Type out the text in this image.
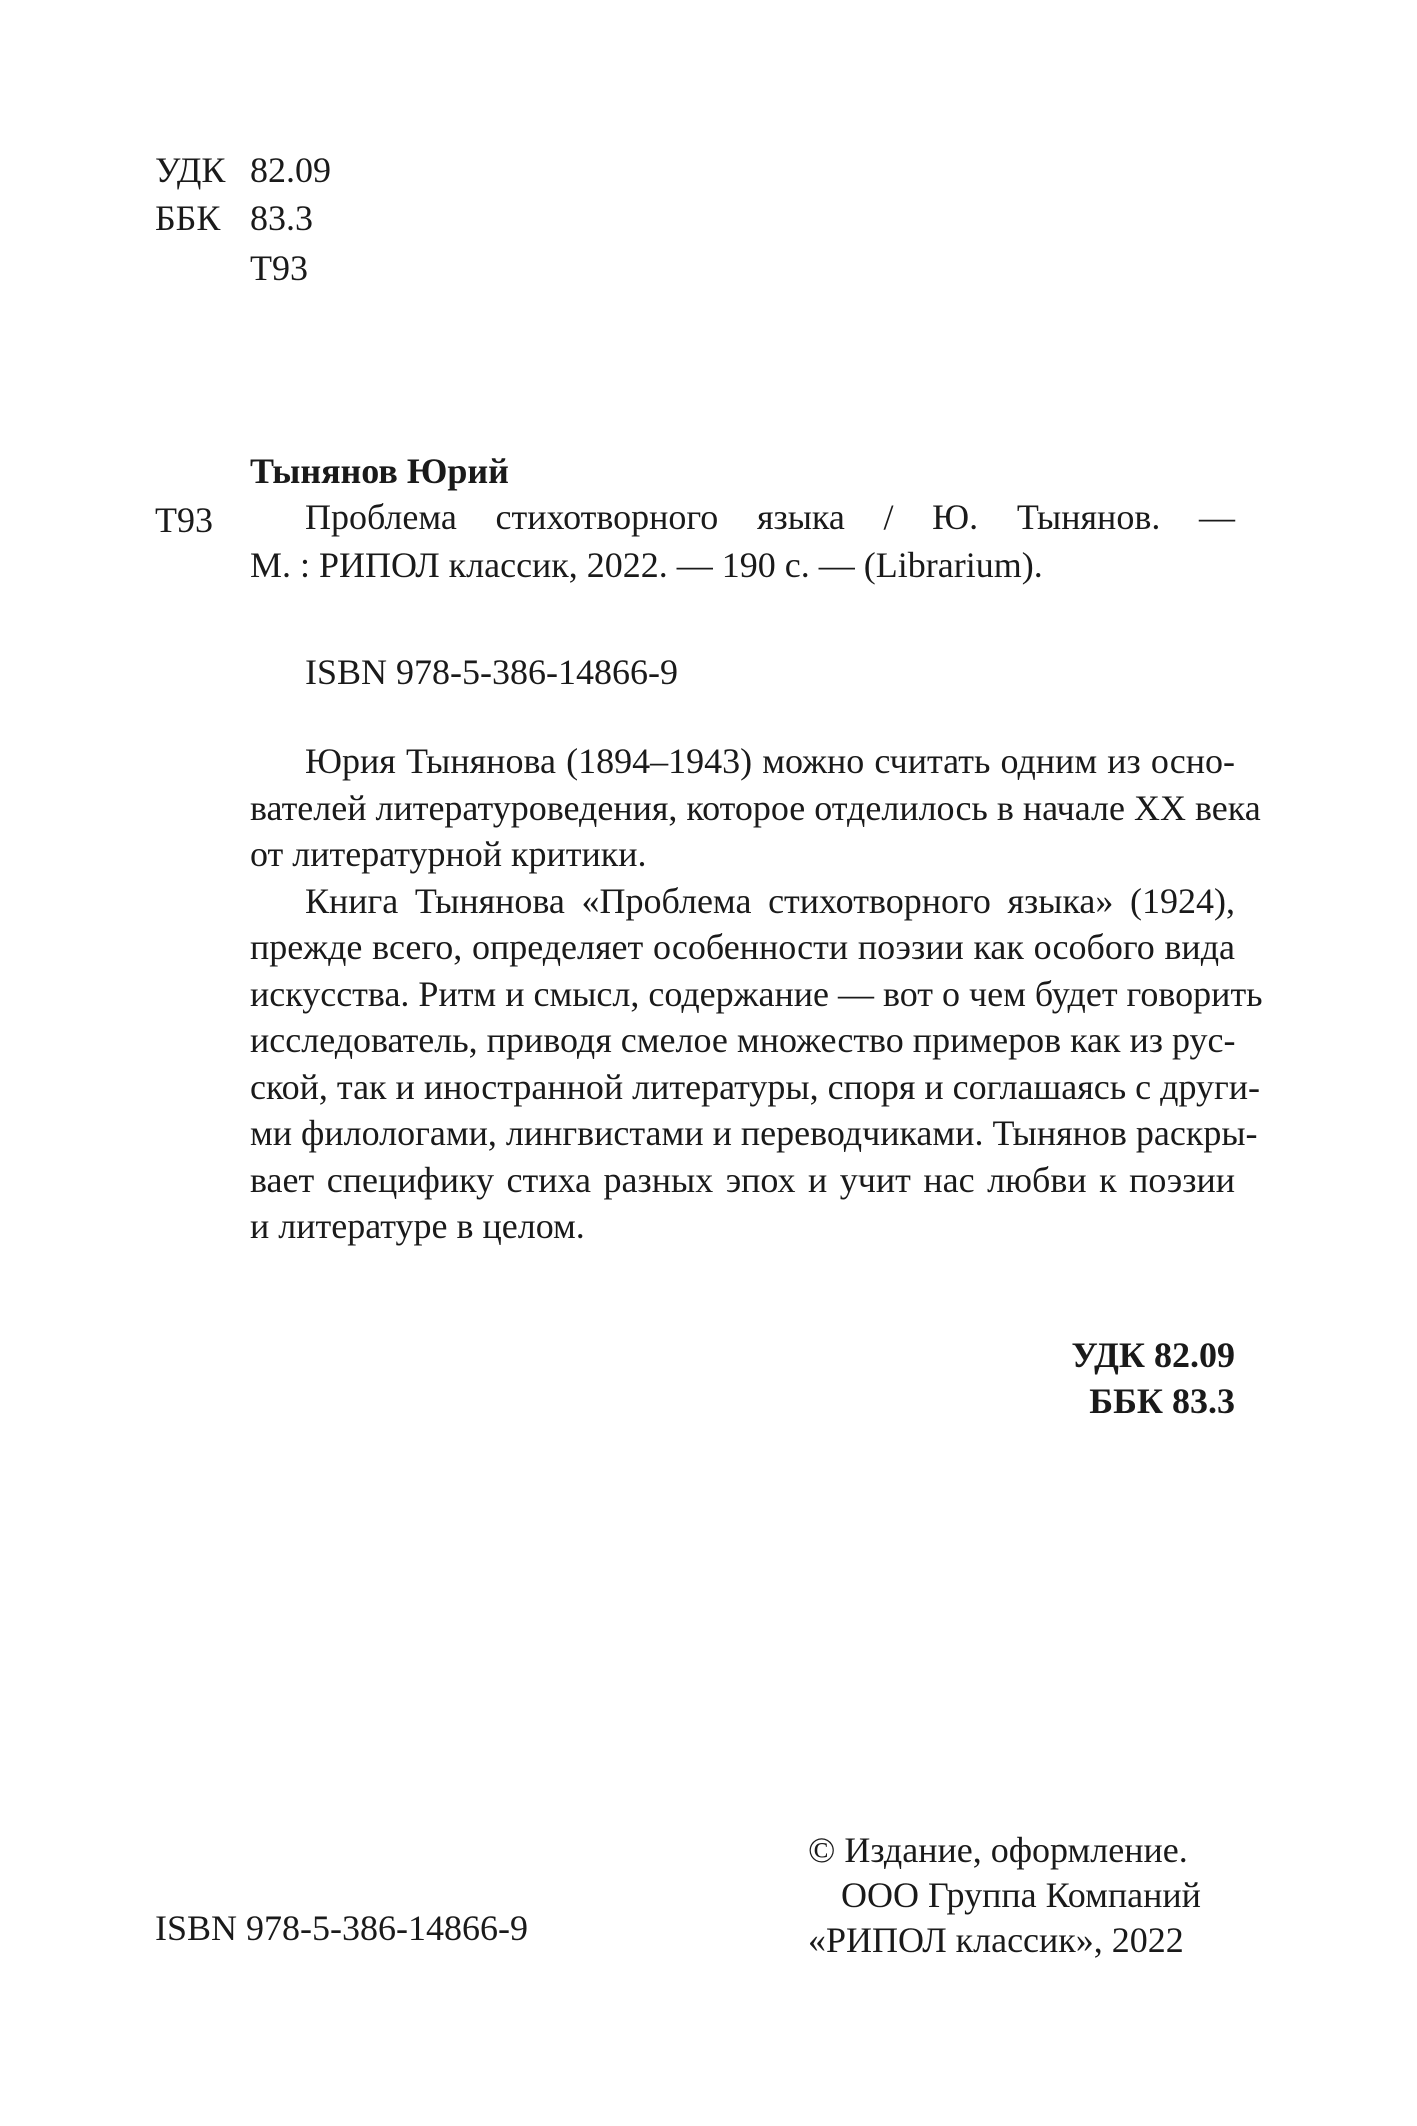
УДК 82.09
ББК 83.3
Т93
Тынянов Юрий
Т93	Проблема стихотворного языка / Ю. Тынянов. —
М. : РИПОЛ классик, 2022. — 190 с. — (Librarium).
ISBN 978-5-386-14866-9
Юрия Тынянова (1894–1943) можно считать одним из осно-
вателей литературоведения, которое отделилось в начале XX века
от литературной критики.
Книга Тынянова «Проблема стихотворного языка» (1924),
прежде всего, определяет особенности поэзии как особого вида
искусства. Ритм и смысл, содержание — вот о чем будет говорить
исследователь, приводя смелое множество примеров как из рус-
ской, так и иностранной литературы, споря и соглашаясь с други-
ми филологами, лингвистами и переводчиками. Тынянов раскры-
вает специфику стиха разных эпох и учит нас любви к поэзии
и литературе в целом.
УДК 82.09
ББК 83.3
ISBN 978-5-386-14866-9
© Издание, оформление.
ООО Группа Компаний
«РИПОЛ классик», 2022
